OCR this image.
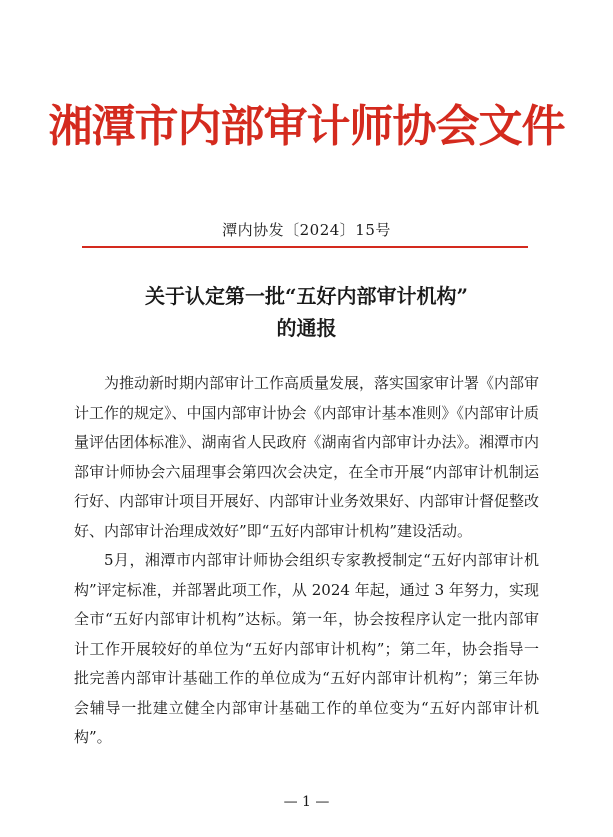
湘潭市内部审计师协会文件
潭内协发〔2024〕15号
关于认定第一批“五好内部审计机构”
的通报

为推动新时期内部审计工作高质量发展，落实国家审计署《内部审计工作的规定》、中国内部审计协会《内部审计基本准则》《内部审计质量评估团体标准》、湖南省人民政府《湖南省内部审计办法》。湘潭市内部审计师协会六届理事会第四次会决定，在全市开展“内部审计机制运行好、内部审计项目开展好、内部审计业务效果好、内部审计督促整改好、内部审计治理成效好”即“五好内部审计机构”建设活动。

5月，湘潭市内部审计师协会组织专家教授制定“五好内部审计机构”评定标准，并部署此项工作，从 2024 年起，通过 3 年努力，实现全市“五好内部审计机构”达标。第一年，协会按程序认定一批内部审计工作开展较好的单位为“五好内部审计机构”；第二年，协会指导一批完善内部审计基础工作的单位成为“五好内部审计机构”；第三年协会辅导一批建立健全内部审计基础工作的单位变为“五好内部审计机构”。

— 1 —
